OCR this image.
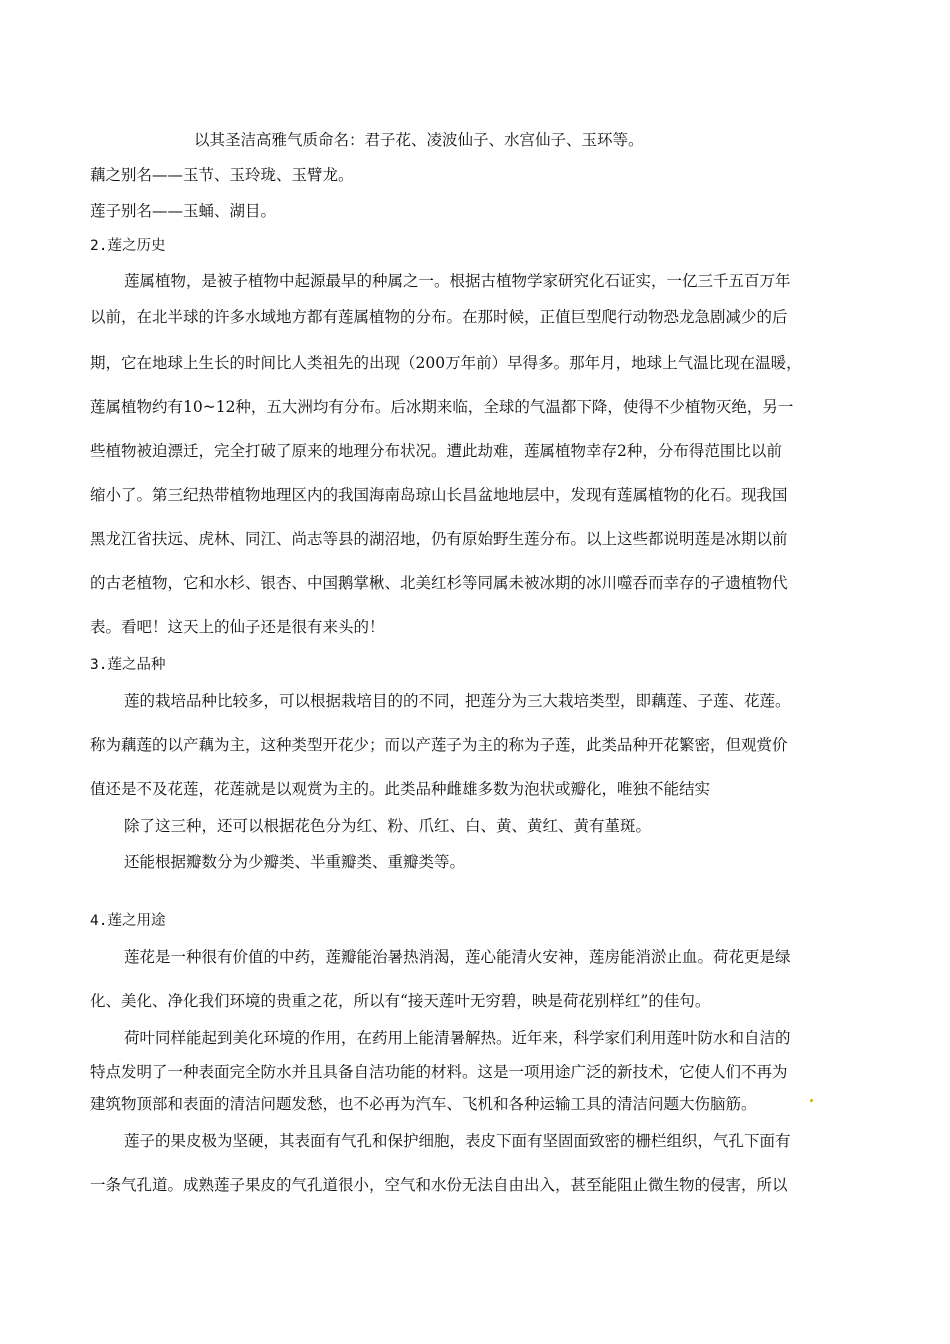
以其圣洁高雅气质命名：君子花、凌波仙子、水宫仙子、玉环等。
藕之别名——玉节、玉玲珑、玉臂龙。
莲子别名——玉蛹、湖目。
2.莲之历史
莲属植物，是被子植物中起源最早的种属之一。根据古植物学家研究化石证实，一亿三千五百万年
以前，在北半球的许多水域地方都有莲属植物的分布。在那时候，正值巨型爬行动物恐龙急剧减少的后
期，它在地球上生长的时间比人类祖先的出现（200万年前）早得多。那年月，地球上气温比现在温暖，
莲属植物约有10~12种，五大洲均有分布。后冰期来临，全球的气温都下降，使得不少植物灭绝，另一
些植物被迫漂迁，完全打破了原来的地理分布状况。遭此劫难，莲属植物幸存2种，分布得范围比以前
缩小了。第三纪热带植物地理区内的我国海南岛琼山长昌盆地地层中，发现有莲属植物的化石。现我国
黑龙江省扶远、虎林、同江、尚志等县的湖沼地，仍有原始野生莲分布。以上这些都说明莲是冰期以前
的古老植物，它和水杉、银杏、中国鹅掌楸、北美红杉等同属未被冰期的冰川噬吞而幸存的孑遗植物代
表。看吧！这天上的仙子还是很有来头的！
3.莲之品种
莲的栽培品种比较多，可以根据栽培目的的不同，把莲分为三大栽培类型，即藕莲、子莲、花莲。
称为藕莲的以产藕为主，这种类型开花少；而以产莲子为主的称为子莲，此类品种开花繁密，但观赏价
值还是不及花莲，花莲就是以观赏为主的。此类品种雌雄多数为泡状或瓣化，唯独不能结实
除了这三种，还可以根据花色分为红、粉、爪红、白、黄、黄红、黄有堇斑。
还能根据瓣数分为少瓣类、半重瓣类、重瓣类等。
4.莲之用途
莲花是一种很有价值的中药，莲瓣能治暑热消渴，莲心能清火安神，莲房能消淤止血。荷花更是绿
化、美化、净化我们环境的贵重之花，所以有“接天莲叶无穷碧，映是荷花别样红”的佳句。
荷叶同样能起到美化环境的作用，在药用上能清暑解热。近年来，科学家们利用莲叶防水和自洁的
特点发明了一种表面完全防水并且具备自洁功能的材料。这是一项用途广泛的新技术，它使人们不再为
建筑物顶部和表面的清洁问题发愁，也不必再为汽车、飞机和各种运输工具的清洁问题大伤脑筋。
莲子的果皮极为坚硬，其表面有气孔和保护细胞，表皮下面有坚固面致密的栅栏组织，气孔下面有
一条气孔道。成熟莲子果皮的气孔道很小，空气和水份无法自由出入，甚至能阻止微生物的侵害，所以
